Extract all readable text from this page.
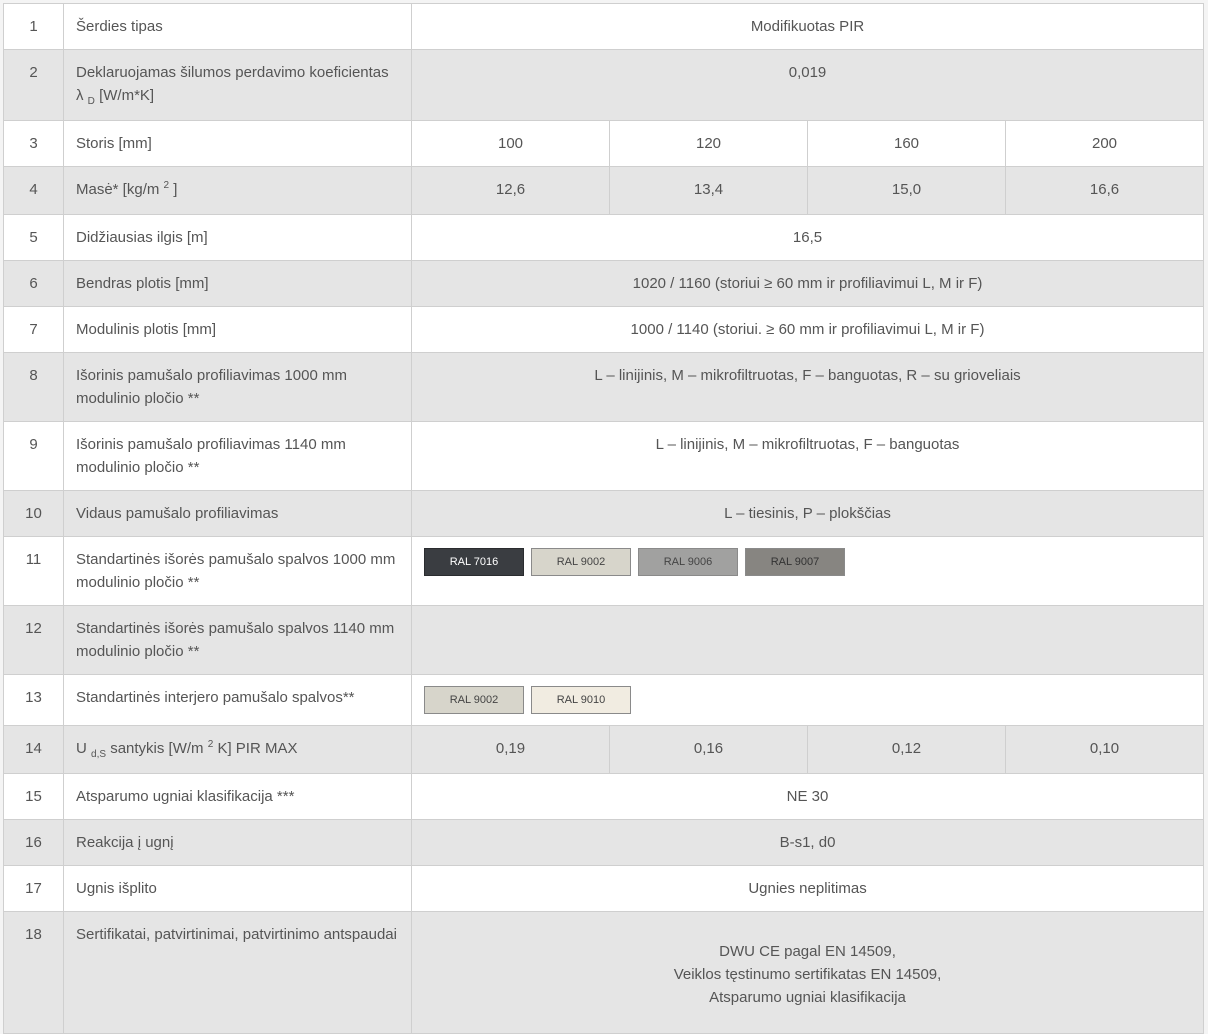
1	Šerdies tipas	Modifikuotas PIR			
2	Deklaruojamas šilumos perdavimo koeficientas λ $_D$ [W/m*K]	0,019			
3	Storis [mm]	100	120	160	200
4	Masė* [kg/m $^2$ ]	12,6	13,4	15,0	16,6
5	Didžiausias ilgis [m]	16,5			
6	Bendras plotis [mm]	1020 / 1160 (storiui ≥ 60 mm ir profiliavimui L, M ir F)			
7	Modulinis plotis [mm]	1000 / 1140 (storiui. ≥ 60 mm ir profiliavimui L, M ir F)			
8	Išorinis pamušalo profiliavimas 1000 mm modulinio pločio **	L – linijinis, M – mikrofiltruotas, F – banguotas, R – su grioveliais			
9	Išorinis pamušalo profiliavimas 1140 mm modulinio pločio **	L – linijinis, M – mikrofiltruotas, F – banguotas			
10	Vidaus pamušalo profiliavimas	L – tiesinis, P – plokščias			
11	Standartinės išorės pamušalo spalvos 1000 mm modulinio pločio **	RAL 7016 RAL 9002 RAL 9006 RAL 9007			

12	Standartinės išorės pamušalo spalvos 1140 mm modulinio pločio **				
13	Standartinės interjero pamušalo spalvos**	RAL 9002 RAL 9010			

14	U $_{d,S}$ santykis [W/m $^2$ K] PIR MAX	0,19	0,16	0,12	0,10
15	Atsparumo ugniai klasifikacija ***	NE 30			
16	Reakcija į ugnį	B-s1, d0			
17	Ugnis išplito	Ugnies neplitimas			
18	Sertifikatai, patvirtinimai, patvirtinimo antspaudai	DWU CE pagal EN 14509,
Veiklos tęstinumo sertifikatas EN 14509,
Atsparumo ugniai klasifikacija			
